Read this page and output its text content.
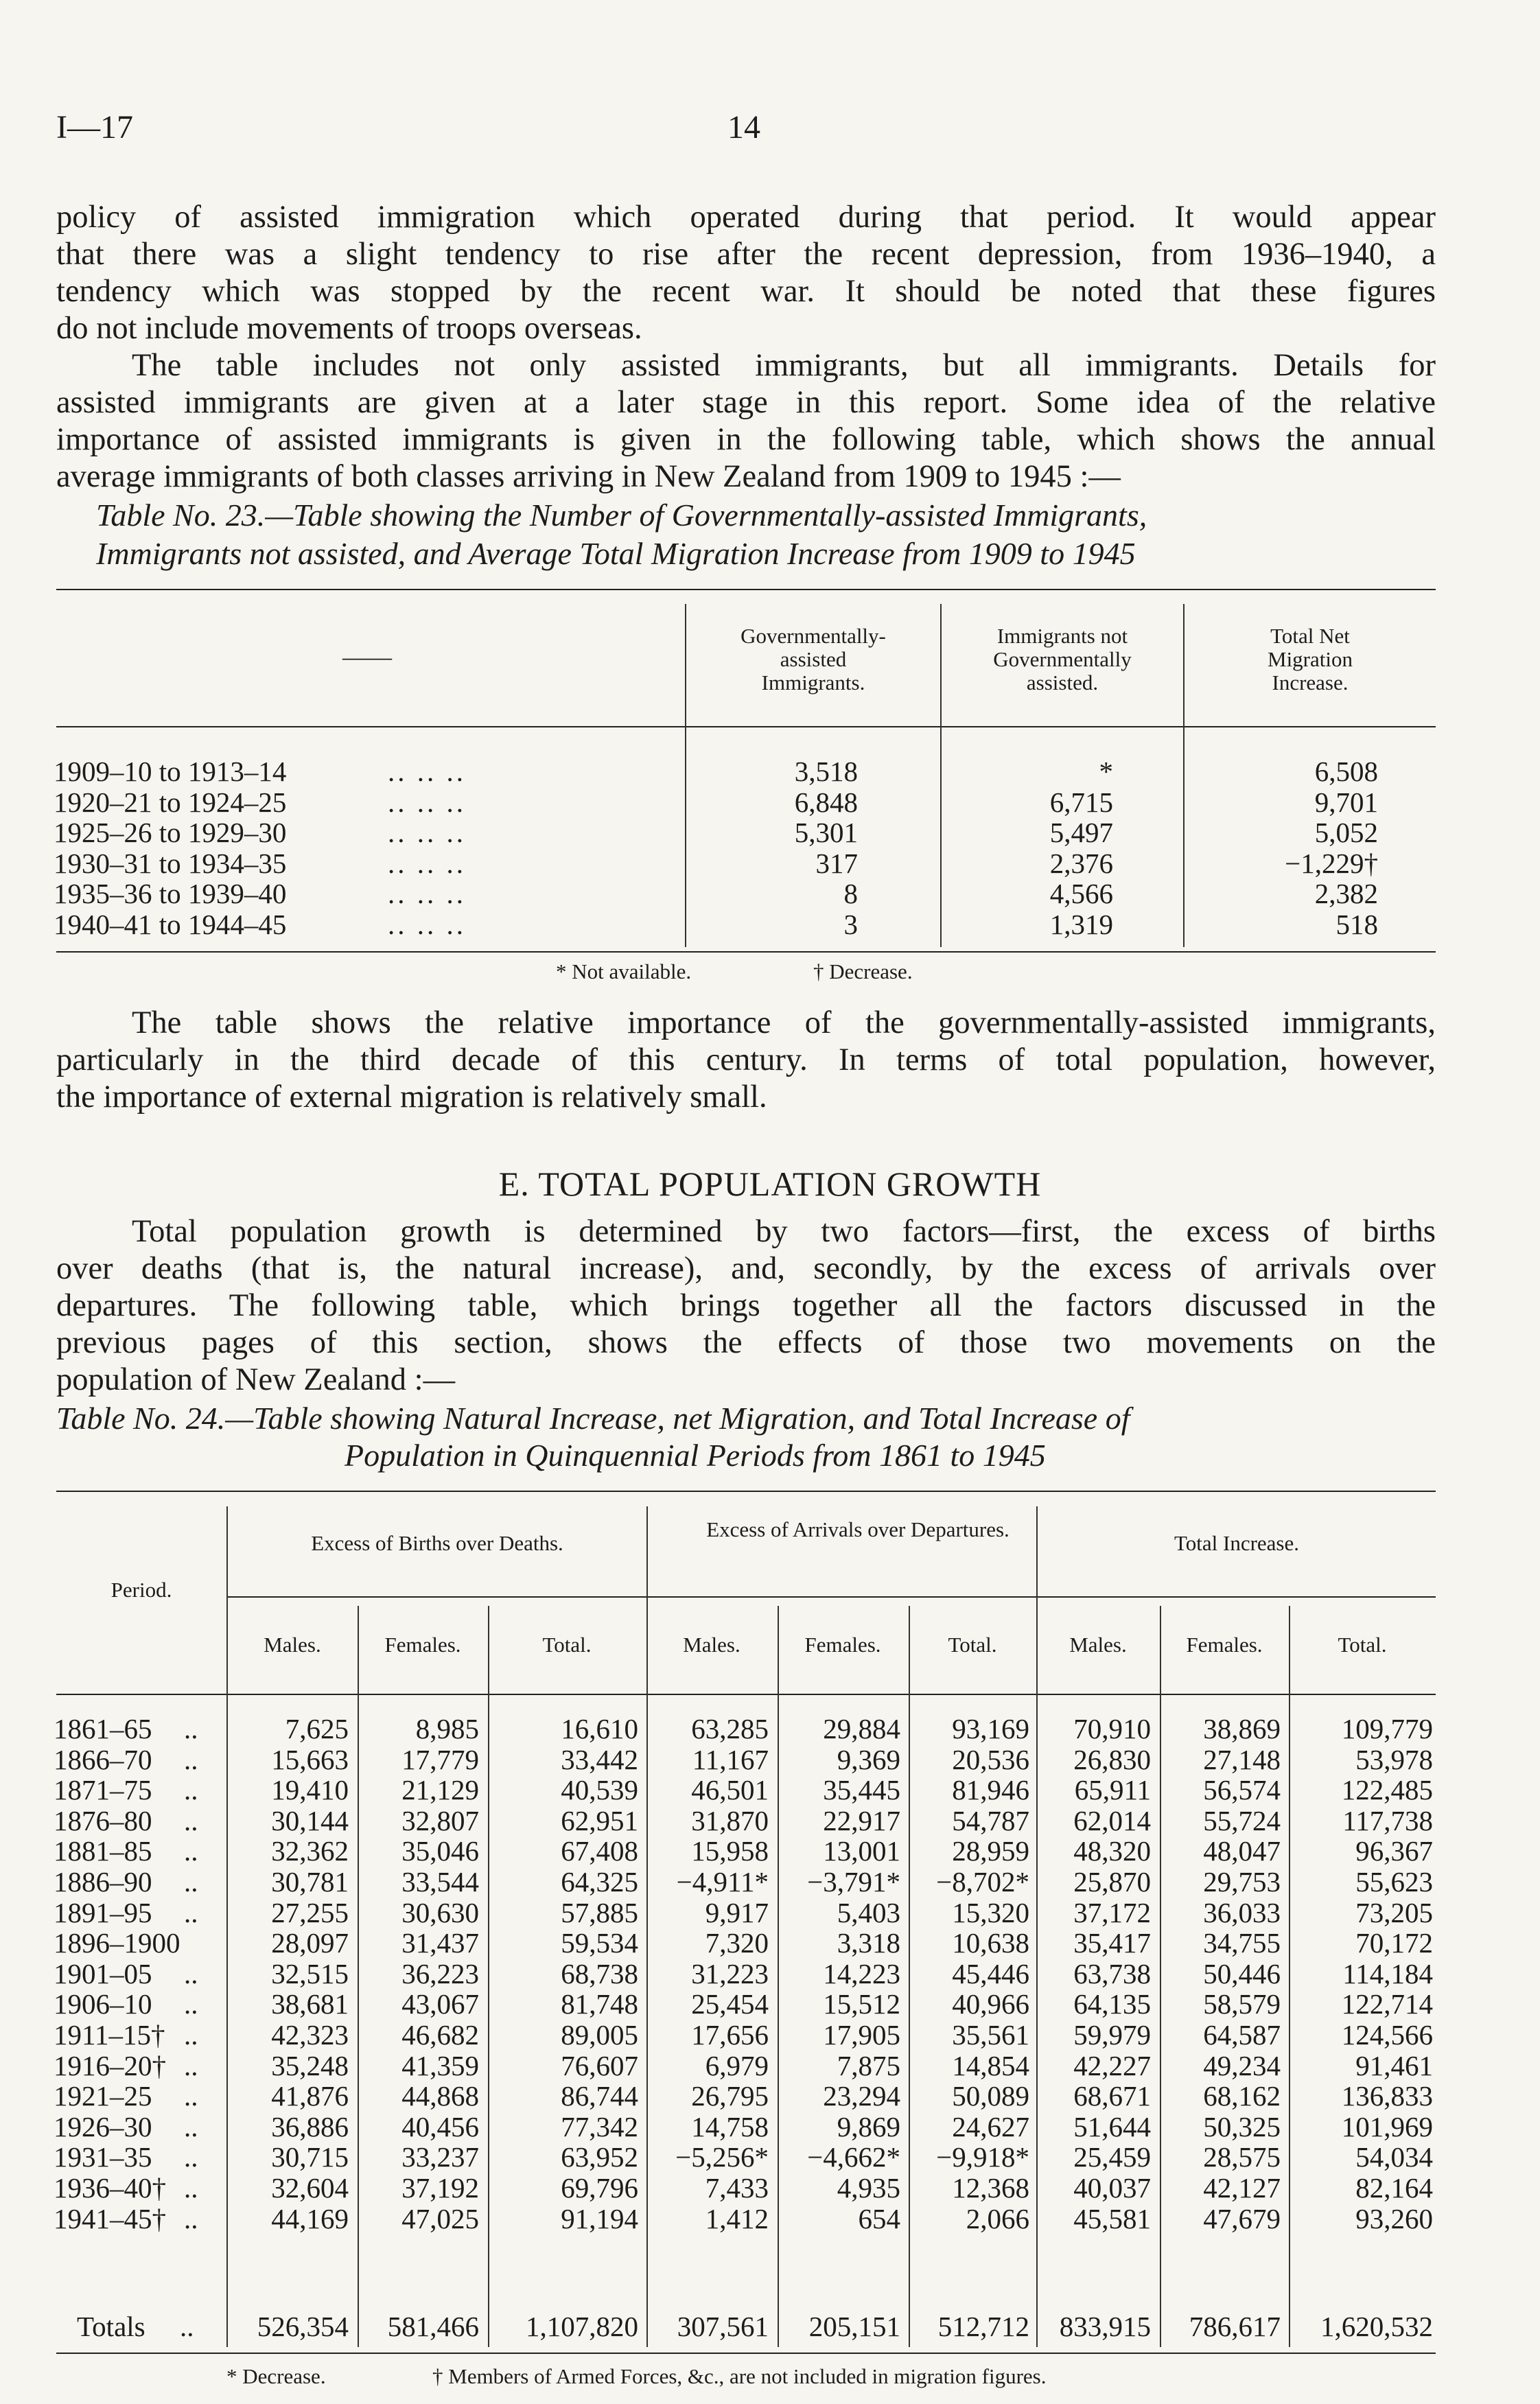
I—17	14
policy of assisted immigration which operated during that period. It would appear
that there was a slight tendency to rise after the recent depression, from 1936–1940, a
tendency which was stopped by the recent war. It should be noted that these figures
do not include movements of troops overseas.
The table includes not only assisted immigrants, but all immigrants. Details for
assisted immigrants are given at a later stage in this report. Some idea of the relative
importance of assisted immigrants is given in the following table, which shows the annual
average immigrants of both classes arriving in New Zealand from 1909 to 1945 :—
Table No. 23.—Table showing the Number of Governmentally-assisted Immigrants,
Immigrants not assisted, and Average Total Migration Increase from 1909 to 1945
——
Governmentally-
assisted
Immigrants.
Immigrants not
Governmentally
assisted.
Total Net
Migration
Increase.
1909–10 to 1913–14	.. .. ..	3,518	*	6,508
1920–21 to 1924–25	.. .. ..	6,848	6,715	9,701
1925–26 to 1929–30	.. .. ..	5,301	5,497	5,052
1930–31 to 1934–35	.. .. ..	317	2,376	−1,229†
1935–36 to 1939–40	.. .. ..	8	4,566	2,382
1940–41 to 1944–45	.. .. ..	3	1,319	518
* Not available.	† Decrease.
The table shows the relative importance of the governmentally-assisted immigrants,
particularly in the third decade of this century. In terms of total population, however,
the importance of external migration is relatively small.
E. TOTAL POPULATION GROWTH
Total population growth is determined by two factors—first, the excess of births
over deaths (that is, the natural increase), and, secondly, by the excess of arrivals over
departures. The following table, which brings together all the factors discussed in the
previous pages of this section, shows the effects of those two movements on the
population of New Zealand :—
Table No. 24.—Table showing Natural Increase, net Migration, and Total Increase of
Population in Quinquennial Periods from 1861 to 1945
Period.
Excess of Births over Deaths.
Excess of Arrivals over Departures.
Total Increase.
Males.	Females.	Total.	Males.	Females.	Total.	Males.	Females.	Total.
1861–65 ..	7,625	8,985	16,610	63,285	29,884	93,169	70,910	38,869	109,779
1866–70 ..	15,663	17,779	33,442	11,167	9,369	20,536	26,830	27,148	53,978
1871–75 ..	19,410	21,129	40,539	46,501	35,445	81,946	65,911	56,574	122,485
1876–80 ..	30,144	32,807	62,951	31,870	22,917	54,787	62,014	55,724	117,738
1881–85 ..	32,362	35,046	67,408	15,958	13,001	28,959	48,320	48,047	96,367
1886–90 ..	30,781	33,544	64,325	−4,911*	−3,791*	−8,702*	25,870	29,753	55,623
1891–95 ..	27,255	30,630	57,885	9,917	5,403	15,320	37,172	36,033	73,205
1896–1900	28,097	31,437	59,534	7,320	3,318	10,638	35,417	34,755	70,172
1901–05 ..	32,515	36,223	68,738	31,223	14,223	45,446	63,738	50,446	114,184
1906–10 ..	38,681	43,067	81,748	25,454	15,512	40,966	64,135	58,579	122,714
1911–15† ..	42,323	46,682	89,005	17,656	17,905	35,561	59,979	64,587	124,566
1916–20† ..	35,248	41,359	76,607	6,979	7,875	14,854	42,227	49,234	91,461
1921–25 ..	41,876	44,868	86,744	26,795	23,294	50,089	68,671	68,162	136,833
1926–30 ..	36,886	40,456	77,342	14,758	9,869	24,627	51,644	50,325	101,969
1931–35 ..	30,715	33,237	63,952	−5,256*	−4,662*	−9,918*	25,459	28,575	54,034
1936–40† ..	32,604	37,192	69,796	7,433	4,935	12,368	40,037	42,127	82,164
1941–45† ..	44,169	47,025	91,194	1,412	654	2,066	45,581	47,679	93,260
Totals ..	526,354	581,466	1,107,820	307,561	205,151	512,712	833,915	786,617	1,620,532
* Decrease.	† Members of Armed Forces, &c., are not included in migration figures.
